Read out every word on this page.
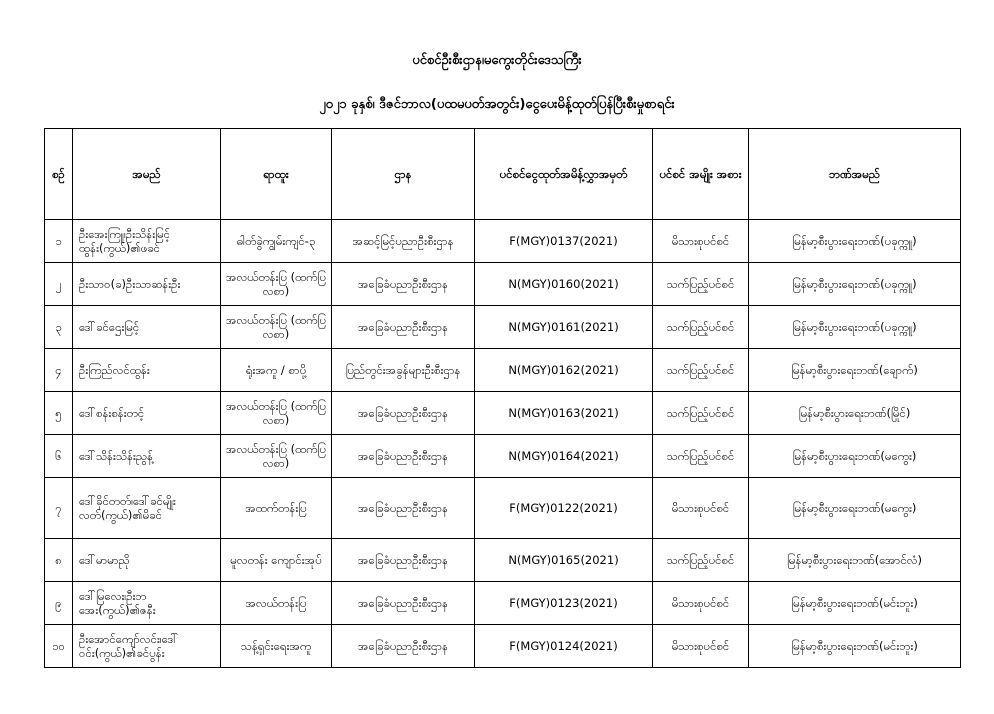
ပင်စင်ဦးစီးဌာန၊မကွေးတိုင်းဒေသကြီး
၂၀၂၁ ခုနှစ်၊ ဒီဇင်ဘာလ(ပထမပတ်အတွင်း)ငွေပေးမိန့်ထုတ်ပြန်ပြီးစီးမှုစာရင်း
စဉ်	အမည်	ရာထူး	ဌာန	ပင်စင်ငွေထုတ်အမိန့်လွှာအမှတ်	ပင်စင် အမျိုး အစား	ဘဏ်အမည်
၁	ဦးအေးကြူ၊ဦးသိန်းမြင့်ထွန်း(ကွယ်)၏ဖခင်	ဓါတ်ခွဲကျွမ်းကျင်-၃	အဆင့်မြင့်ပညာဦးစီးဌာန	F(MGY)0137(2021)	မိသားစုပင်စင်	မြန်မာ့စီးပွားရေးဘဏ်(ပခုက္ကူ)
၂	ဦးသာဝ(ခ)ဦးသာဆန်းဦး	အလယ်တန်းပြ (ထက်ပြလစာ)	အခြေခံပညာဦးစီးဌာန	N(MGY)0160(2021)	သက်ပြည့်ပင်စင်	မြန်မာ့စီးပွားရေးဘဏ်(ပခုက္ကူ)
၃	ဒေါ်ခင်ဌေးမြင့်	အလယ်တန်းပြ (ထက်ပြလစာ)	အခြေခံပညာဦးစီးဌာန	N(MGY)0161(2021)	သက်ပြည့်ပင်စင်	မြန်မာ့စီးပွားရေးဘဏ်(ပခုက္ကူ)
၄	ဦးကြည်လင်ထွန်း	ရုံးအကူ / စာပို့	ပြည်တွင်းအခွန်များဦးစီးဌာန	N(MGY)0162(2021)	သက်ပြည့်ပင်စင်	မြန်မာ့စီးပွားရေးဘဏ်(ချောက်)
၅	ဒေါ်စန်းစန်းတင့်	အလယ်တန်းပြ (ထက်ပြလစာ)	အခြေခံပညာဦးစီးဌာန	N(MGY)0163(2021)	သက်ပြည့်ပင်စင်	မြန်မာ့စီးပွားရေးဘဏ်(မြိုင်)
၆	ဒေါ်သိန်းသိန်းညွန့်	အလယ်တန်းပြ (ထက်ပြလစာ)	အခြေခံပညာဦးစီးဌာန	N(MGY)0164(2021)	သက်ပြည့်ပင်စင်	မြန်မာ့စီးပွားရေးဘဏ်(မကွေး)
၇	ဒေါ်ခိုင်တတ်၊ဒေါ်ခင်မျိုးလတ်(ကွယ်)၏မိခင်	အထက်တန်းပြ	အခြေခံပညာဦးစီးဌာန	F(MGY)0122(2021)	မိသားစုပင်စင်	မြန်မာ့စီးပွားရေးဘဏ်(မကွေး)
၈	ဒေါ်မာမာညို	မူလတန်း ကျောင်းအုပ်	အခြေခံပညာဦးစီးဌာန	N(MGY)0165(2021)	သက်ပြည့်ပင်စင်	မြန်မာ့စီးပွားရေးဘဏ်(အောင်လံ)
၉	ဒေါ်မြလေး၊ဦးဘအေး(ကွယ်)၏ဇနီး	အလယ်တန်းပြ	အခြေခံပညာဦးစီးဌာန	F(MGY)0123(2021)	မိသားစုပင်စင်	မြန်မာ့စီးပွားရေးဘဏ်(မင်းဘူး)
၁၀	ဦးအောင်ကျော်လင်း၊ဒေါ်ဝင်း(ကွယ်)၏ခင်ပွန်း	သန့်ရှင်းရေးအကူ	အခြေခံပညာဦးစီးဌာန	F(MGY)0124(2021)	မိသားစုပင်စင်	မြန်မာ့စီးပွားရေးဘဏ်(မင်းဘူး)
